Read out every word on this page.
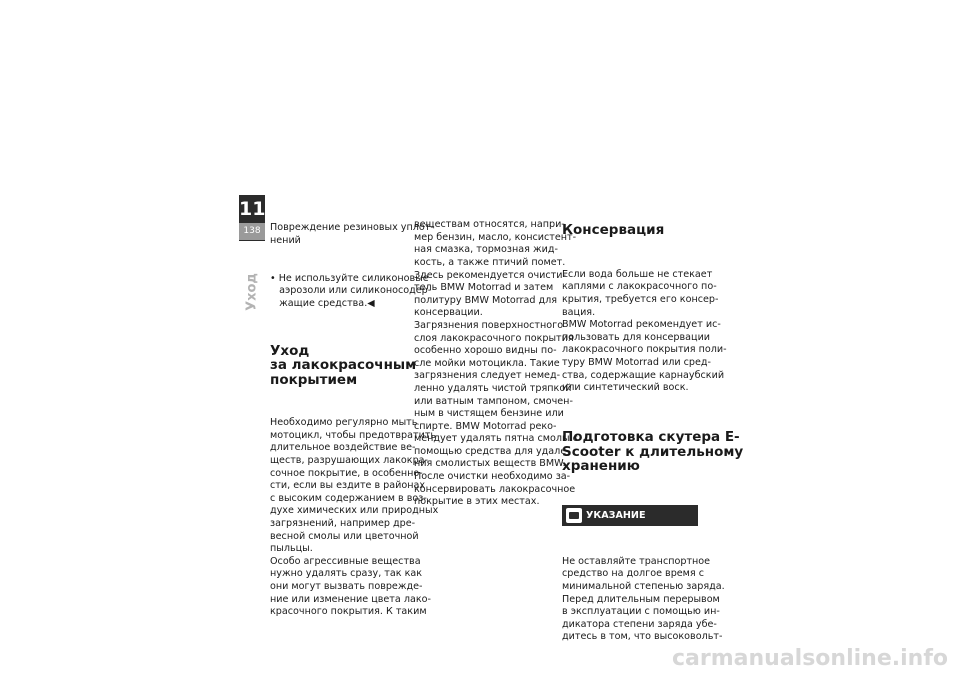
11
138
Уход

Повреждение резиновых уплот-
нений

• Не используйте силиконовые
аэрозоли или силиконосодер-
жащие средства.◀

Уход
за лакокрасочным
покрытием

Необходимо регулярно мыть
мотоцикл, чтобы предотвратить
длительное воздействие ве-
ществ, разрушающих лакокра-
сочное покрытие, в особенно-
сти, если вы ездите в районах
с высоким содержанием в воз-
духе химических или природных
загрязнений, например дре-
весной смолы или цветочной
пыльцы.
Особо агрессивные вещества
нужно удалять сразу, так как
они могут вызвать поврежде-
ние или изменение цвета лако-
красочного покрытия. К таким

веществам относятся, напри-
мер бензин, масло, консистент-
ная смазка, тормозная жид-
кость, а также птичий помет.
Здесь рекомендуется очисти-
тель BMW Motorrad и затем
политуру BMW Motorrad для
консервации.
Загрязнения поверхностного
слоя лакокрасочного покрытия
особенно хорошо видны по-
сле мойки мотоцикла. Такие
загрязнения следует немед-
ленно удалять чистой тряпкой
или ватным тампоном, смочен-
ным в чистящем бензине или
спирте. BMW Motorrad реко-
мендует удалять пятна смолы с
помощью средства для удале-
ния смолистых веществ BMW.
После очистки необходимо за-
консервировать лакокрасочное
покрытие в этих местах.

Консервация

Если вода больше не стекает
каплями с лакокрасочного по-
крытия, требуется его консер-
вация.
BMW Motorrad рекомендует ис-
пользовать для консервации
лакокрасочного покрытия поли-
туру BMW Motorrad или сред-
ства, содержащие карнаубский
или синтетический воск.

Подготовка скутера E-
Scooter к длительному
хранению

УКАЗАНИЕ

Не оставляйте транспортное
средство на долгое время с
минимальной степенью заряда.
Перед длительным перерывом
в эксплуатации с помощью ин-
дикатора степени заряда убе-
дитесь в том, что высоковольт-

carmanualsonline.info
